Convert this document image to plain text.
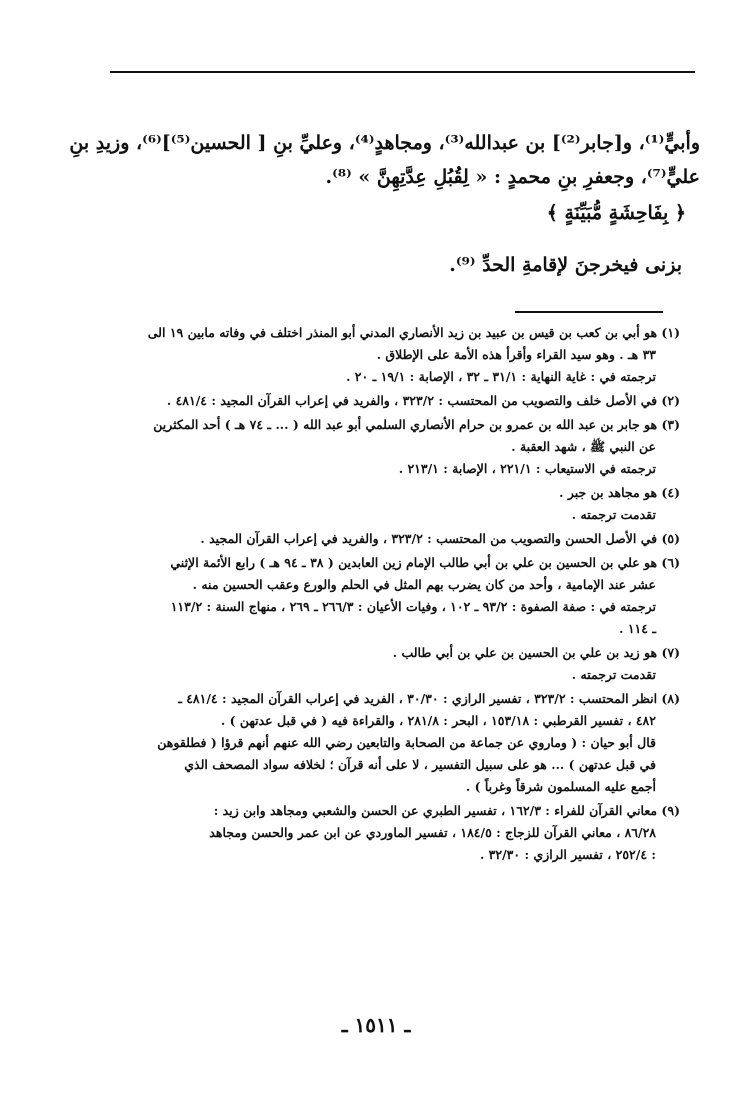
وأبيٍّ⁽¹⁾، و[جابر⁽²⁾] بن عبدالله⁽³⁾، ومجاهدٍ⁽⁴⁾، وعليِّ بنِ [ الحسين⁽⁵⁾]⁽⁶⁾، وزيدِ بنِ

عليٍّ⁽⁷⁾، وجعفرِ بنِ محمدٍ : « لِقُبُلِ عِدَّتِهِنَّ » ⁽⁸⁾.

﴿ بِفَاحِشَةٍ مُّبَيِّنَةٍ ﴾

بزنى فيخرجنَ لإقامةِ الحدِّ ⁽⁹⁾.

(١) هو أبي بن كعب بن قيس بن عبيد بن زيد الأنصاري المدني أبو المنذر اختلف في وفاته مابين ١٩ الى

٣٣ هـ . وهو سيد القراء وأقرأ هذه الأمة على الإطلاق .

ترجمته في : غاية النهاية : ٣١/١ ـ ٣٢ ، الإصابة : ١٩/١ ـ ٢٠ .

(٢) في الأصل خلف والتصويب من المحتسب : ٣٢٣/٢ ، والفريد في إعراب القرآن المجيد : ٤٨١/٤ .

(٣) هو جابر بن عبد الله بن عمرو بن حرام الأنصاري السلمي أبو عبد الله ( ... ـ ٧٤ هـ ) أحد المكثرين

عن النبي ﷺ ، شهد العقبة .

ترجمته في الاستيعاب : ٢٢١/١ ، الإصابة : ٢١٣/١ .

(٤) هو مجاهد بن جبر .

تقدمت ترجمته .

(٥) في الأصل الحسن والتصويب من المحتسب : ٣٢٣/٢ ، والفريد في إعراب القرآن المجيد .

(٦) هو علي بن الحسين بن علي بن أبي طالب الإمام زين العابدين ( ٣٨ ـ ٩٤ هـ ) رابع الأئمة الإثني

عشر عند الإمامية ، وأحد من كان يضرب بهم المثل في الحلم والورع وعقب الحسين منه .

ترجمته في : صفة الصفوة : ٩٣/٢ ـ ١٠٢ ، وفيات الأعيان : ٢٦٦/٣ ـ ٢٦٩ ، منهاج السنة : ١١٣/٢

ـ ١١٤ .

(٧) هو زيد بن علي بن الحسين بن علي بن أبي طالب .

تقدمت ترجمته .

(٨) انظر المحتسب : ٣٢٣/٢ ، تفسير الرازي : ٣٠/٣٠ ، الفريد في إعراب القرآن المجيد : ٤٨١/٤ ـ

٤٨٢ ، تفسير القرطبي : ١٥٣/١٨ ، البحر : ٢٨١/٨ ، والقراءة فيه ( في قبل عدتهن ) .

قال أبو حيان : ( وماروي عن جماعة من الصحابة والتابعين رضي الله عنهم أنهم قرؤا ( فطلقوهن

في قبل عدتهن ) ... هو على سبيل التفسير ، لا على أنه قرآن ؛ لخلافه سواد المصحف الذي

أجمع عليه المسلمون شرقاً وغرباً ) .

(٩) معاني القرآن للفراء : ١٦٢/٣ ، تفسير الطبري عن الحسن والشعبي ومجاهد وابن زيد :

٨٦/٢٨ ، معاني القرآن للزجاج : ١٨٤/٥ ، تفسير الماوردي عن ابن عمر والحسن ومجاهد

: ٢٥٢/٤ ، تفسير الرازي : ٣٢/٣٠ .

ـ ١٥١١ ـ
